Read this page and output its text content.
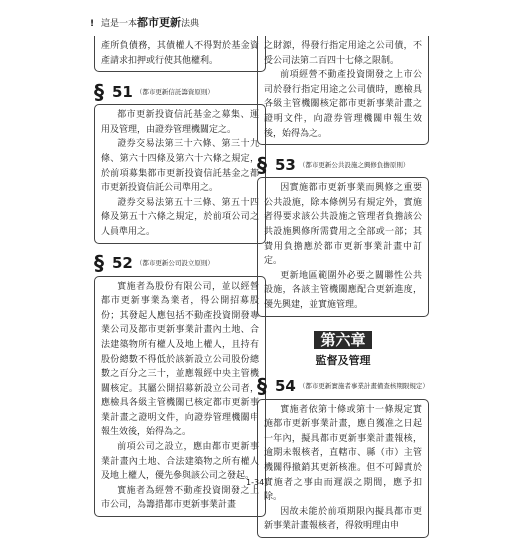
! 這是一本都市更新法典

產所負債務，其債權人不得對於基金資產請求扣押或行使其他權利。

§ 51 （都市更新信託籌資原則）

都市更新投資信託基金之募集、運用及管理，由證券管理機關定之。

證券交易法第三十六條、第三十九條、第六十四條及第六十六條之規定，於前項募集都市更新投資信託基金之都市更新投資信託公司準用之。

證券交易法第五十三條、第五十四條及第五十六條之規定，於前項公司之人員準用之。

§ 52 （都市更新公司設立原則）

實施者為股份有限公司，並以經營都市更新事業為業者，得公開招募股份；其發起人應包括不動產投資開發專業公司及都市更新事業計畫內土地、合法建築物所有權人及地上權人，且持有股份總數不得低於該新設立公司股份總數之百分之三十，並應報經中央主管機關核定。其屬公開招募新設立公司者，應檢具各級主管機關已核定都市更新事業計畫之證明文件，向證券管理機關申報生效後，始得為之。

前項公司之設立，應由都市更新事業計畫內土地、合法建築物之所有權人及地上權人，優先參與該公司之發起。

實施者為經營不動產投資開發之上市公司，為籌措都市更新事業計畫

之財源，得發行指定用途之公司債，不受公司法第二百四十七條之限制。

前項經營不動產投資開發之上市公司於發行指定用途之公司債時，應檢具各級主管機關核定都市更新事業計畫之證明文件，向證券管理機關申報生效後，始得為之。

§ 53 （都市更新公共設施之興修負擔原則）

因實施都市更新事業而興修之重要公共設施，除本條例另有規定外，實施者得要求該公共設施之管理者負擔該公共設施興修所需費用之全部或一部；其費用負擔應於都市更新事業計畫中訂定。

更新地區範圍外必要之關聯性公共設施，各該主管機關應配合更新進度，優先興建，並實施管理。

第六章
監督及管理
§ 54 （都市更新實施者事業計畫備查核期限規定）

實施者依第十條或第十一條規定實施都市更新事業計畫，應自獲准之日起一年內，擬具都市更新事業計畫報核，逾期未報核者，直轄市、縣（市）主管機關得撤銷其更新核准。但不可歸責於實施者之事由而遲誤之期間，應予扣除。

因故未能於前項期限內擬具都市更新事業計畫報核者，得敘明理由申

1-34
